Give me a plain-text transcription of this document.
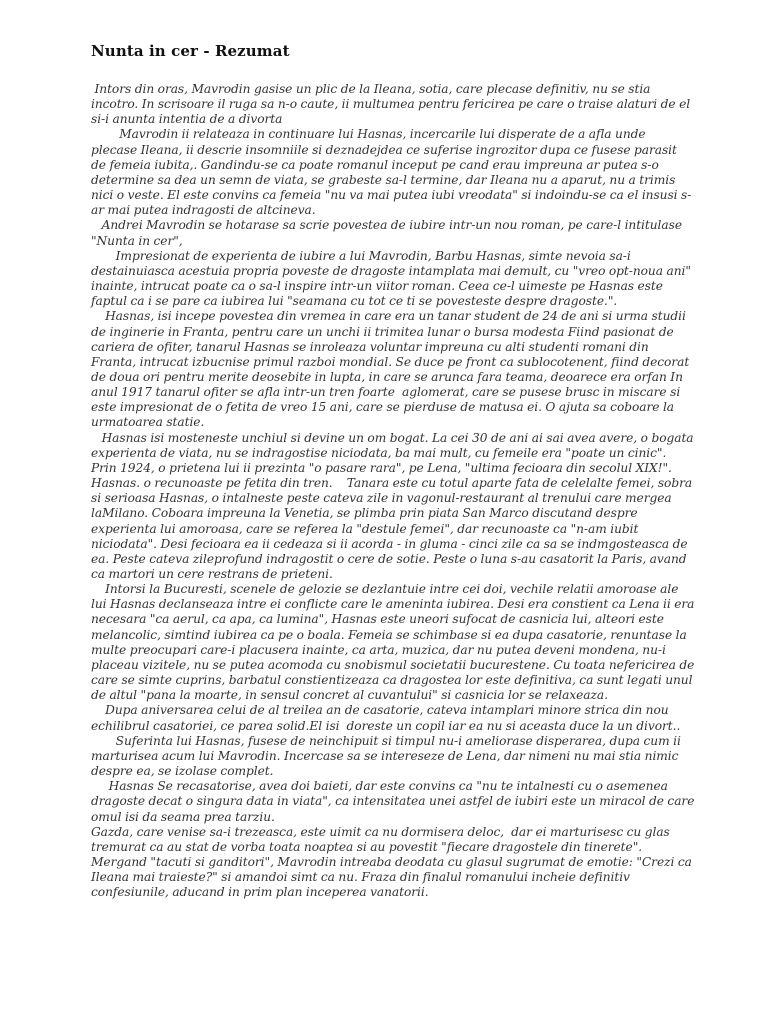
Nunta in cer - Rezumat

Intors din oras, Mavrodin gasise un plic de la Ileana, sotia, care plecase definitiv, nu se stia incotro. In scrisoare il ruga sa n-o caute, ii multumea pentru fericirea pe care o traise alaturi de el si-i anunta intentia de a divorta

Mavrodin ii relateaza in continuare lui Hasnas, incercarile lui disperate de a afla unde plecase Ileana, ii descrie insomniile si deznadejdea ce suferise ingrozitor dupa ce fusese parasit de femeia iubita,. Gandindu-se ca poate romanul inceput pe cand erau impreuna ar putea s-o determine sa dea un semn de viata, se grabeste sa-l termine, dar Ileana nu a aparut, nu a trimis nici o veste. El este convins ca femeia "nu va mai putea iubi vreodata" si indoindu-se ca el insusi s-ar mai putea indragosti de altcineva.

Andrei Mavrodin se hotarase sa scrie povestea de iubire intr-un nou roman, pe care-l intitulase "Nunta in cer",

Impresionat de experienta de iubire a lui Mavrodin, Barbu Hasnas, simte nevoia sa-i destainuiasca acestuia propria poveste de dragoste intamplata mai demult, cu "vreo opt-noua ani" inainte, intrucat poate ca o sa-l inspire intr-un viitor roman. Ceea ce-l uimeste pe Hasnas este faptul ca i se pare ca iubirea lui "seamana cu tot ce ti se povesteste despre dragoste.".

Hasnas, isi incepe povestea din vremea in care era un tanar student de 24 de ani si urma studii de inginerie in Franta, pentru care un unchi ii trimitea lunar o bursa modesta Fiind pasionat de cariera de ofiter, tanarul Hasnas se inroleaza voluntar impreuna cu alti studenti romani din Franta, intrucat izbucnise primul razboi mondial. Se duce pe front ca sublocotenent, fiind decorat de doua ori pentru merite deosebite in lupta, in care se arunca fara teama, deoarece era orfan In anul 1917 tanarul ofiter se afla intr-un tren foarte  aglomerat, care se pusese brusc in miscare si este impresionat de o fetita de vreo 15 ani, care se pierduse de matusa ei. O ajuta sa coboare la urmatoarea statie.

Hasnas isi mosteneste unchiul si devine un om bogat. La cei 30 de ani ai sai avea avere, o bogata experienta de viata, nu se indragostise niciodata, ba mai mult, cu femeile era "poate un cinic". Prin 1924, o prietena lui ii prezinta "o pasare rara", pe Lena, "ultima fecioara din secolul XIX!". Hasnas. o recunoaste pe fetita din tren.    Tanara este cu totul aparte fata de celelalte femei, sobra si serioasa Hasnas, o intalneste peste cateva zile in vagonul-restaurant al trenului care mergea laMilano. Coboara impreuna la Venetia, se plimba prin piata San Marco discutand despre experienta lui amoroasa, care se referea la "destule femei", dar recunoaste ca "n-am iubit niciodata". Desi fecioara ea ii cedeaza si ii acorda - in gluma - cinci zile ca sa se indmgosteasca de ea. Peste cateva zileprofund indragostit o cere de sotie. Peste o luna s-au casatorit la Paris, avand ca martori un cere restrans de prieteni.

Intorsi la Bucuresti, scenele de gelozie se dezlantuie intre cei doi, vechile relatii amoroase ale lui Hasnas declanseaza intre ei conflicte care le ameninta iubirea. Desi era constient ca Lena ii era necesara "ca aerul, ca apa, ca lumina", Hasnas este uneori sufocat de casnicia lui, alteori este melancolic, simtind iubirea ca pe o boala. Femeia se schimbase si ea dupa casatorie, renuntase la multe preocupari care-i placusera inainte, ca arta, muzica, dar nu putea deveni mondena, nu-i placeau vizitele, nu se putea acomoda cu snobismul societatii bucurestene. Cu toata nefericirea de care se simte cuprins, barbatul constientizeaza ca dragostea lor este definitiva, ca sunt legati unul de altul "pana la moarte, in sensul concret al cuvantului" si casnicia lor se relaxeaza.

Dupa aniversarea celui de al treilea an de casatorie, cateva intamplari minore strica din nou echilibrul casatoriei, ce parea solid.El isi  doreste un copil iar ea nu si aceasta duce la un divort..

Suferinta lui Hasnas, fusese de neinchipuit si timpul nu-i ameliorase disperarea, dupa cum ii marturisea acum lui Mavrodin. Incercase sa se intereseze de Lena, dar nimeni nu mai stia nimic despre ea, se izolase complet.

Hasnas Se recasatorise, avea doi baieti, dar este convins ca "nu te intalnesti cu o asemenea dragoste decat o singura data in viata", ca intensitatea unei astfel de iubiri este un miracol de care omul isi da seama prea tarziu.

Gazda, care venise sa-i trezeasca, este uimit ca nu dormisera deloc,  dar ei marturisesc cu glas tremurat ca au stat de vorba toata noaptea si au povestit "fiecare dragostele din tinerete". Mergand "tacuti si ganditori", Mavrodin intreaba deodata cu glasul sugrumat de emotie: "Crezi ca Ileana mai traieste?" si amandoi simt ca nu. Fraza din finalul romanului incheie definitiv confesiunile, aducand in prim plan inceperea vanatorii.
